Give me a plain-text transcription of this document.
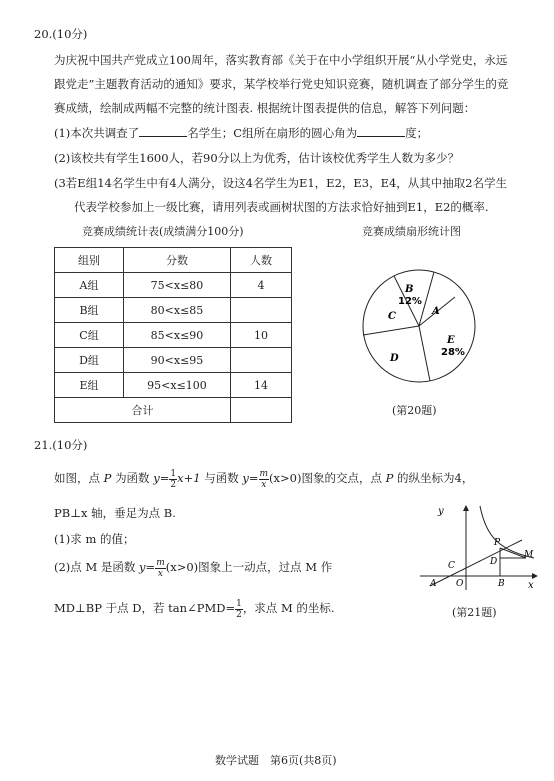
20.(10分)
为庆祝中国共产党成立100周年，落实教育部《关于在中小学组织开展“从小学党史，永远
跟党走”主题教育活动的通知》要求，某学校举行党史知识竞赛，随机调查了部分学生的竞
赛成绩，绘制成两幅不完整的统计图表. 根据统计图表提供的信息，解答下列问题：
(1)本次共调查了	名学生；C组所在扇形的圆心角为	度；
(2)该校共有学生1600人，若90分以上为优秀，估计该校优秀学生人数为多少？
(3若E组14名学生中有4人满分，设这4名学生为E1，E2，E3，E4，从其中抽取2名学生
代表学校参加上一级比赛，请用列表或画树状图的方法求恰好抽到E1，E2的概率.
竞赛成绩统计表(成绩满分100分)	竞赛成绩扇形统计图
组别	分数	人数
A组	75<x≤80	4
B组	80<x≤85	
C组	85<x≤90	10
D组	90<x≤95	
E组	95<x≤100	14
合计		
B
12%
A
C
D
E
28%
(第20题)
21.(10分)
如图，点 P 为函数 $y= \frac{1}{2} x+1$ 与函数 $y= \frac{m}{x} (x>0)$图象的交点，点 P 的纵坐标为4，
PB⊥x 轴，垂足为点 B.
(1)求 m 的值；
(2)点 M 是函数 $y= \frac{m}{x} (x>0)$图象上一动点，过点 M 作
MD⊥BP 于点 D，若 tan∠PMD= $\frac{1}{2}$ ，求点 M 的坐标.
y
x
P
M
C	D
A O	B
(第21题)
数学试题　第6页(共8页)
